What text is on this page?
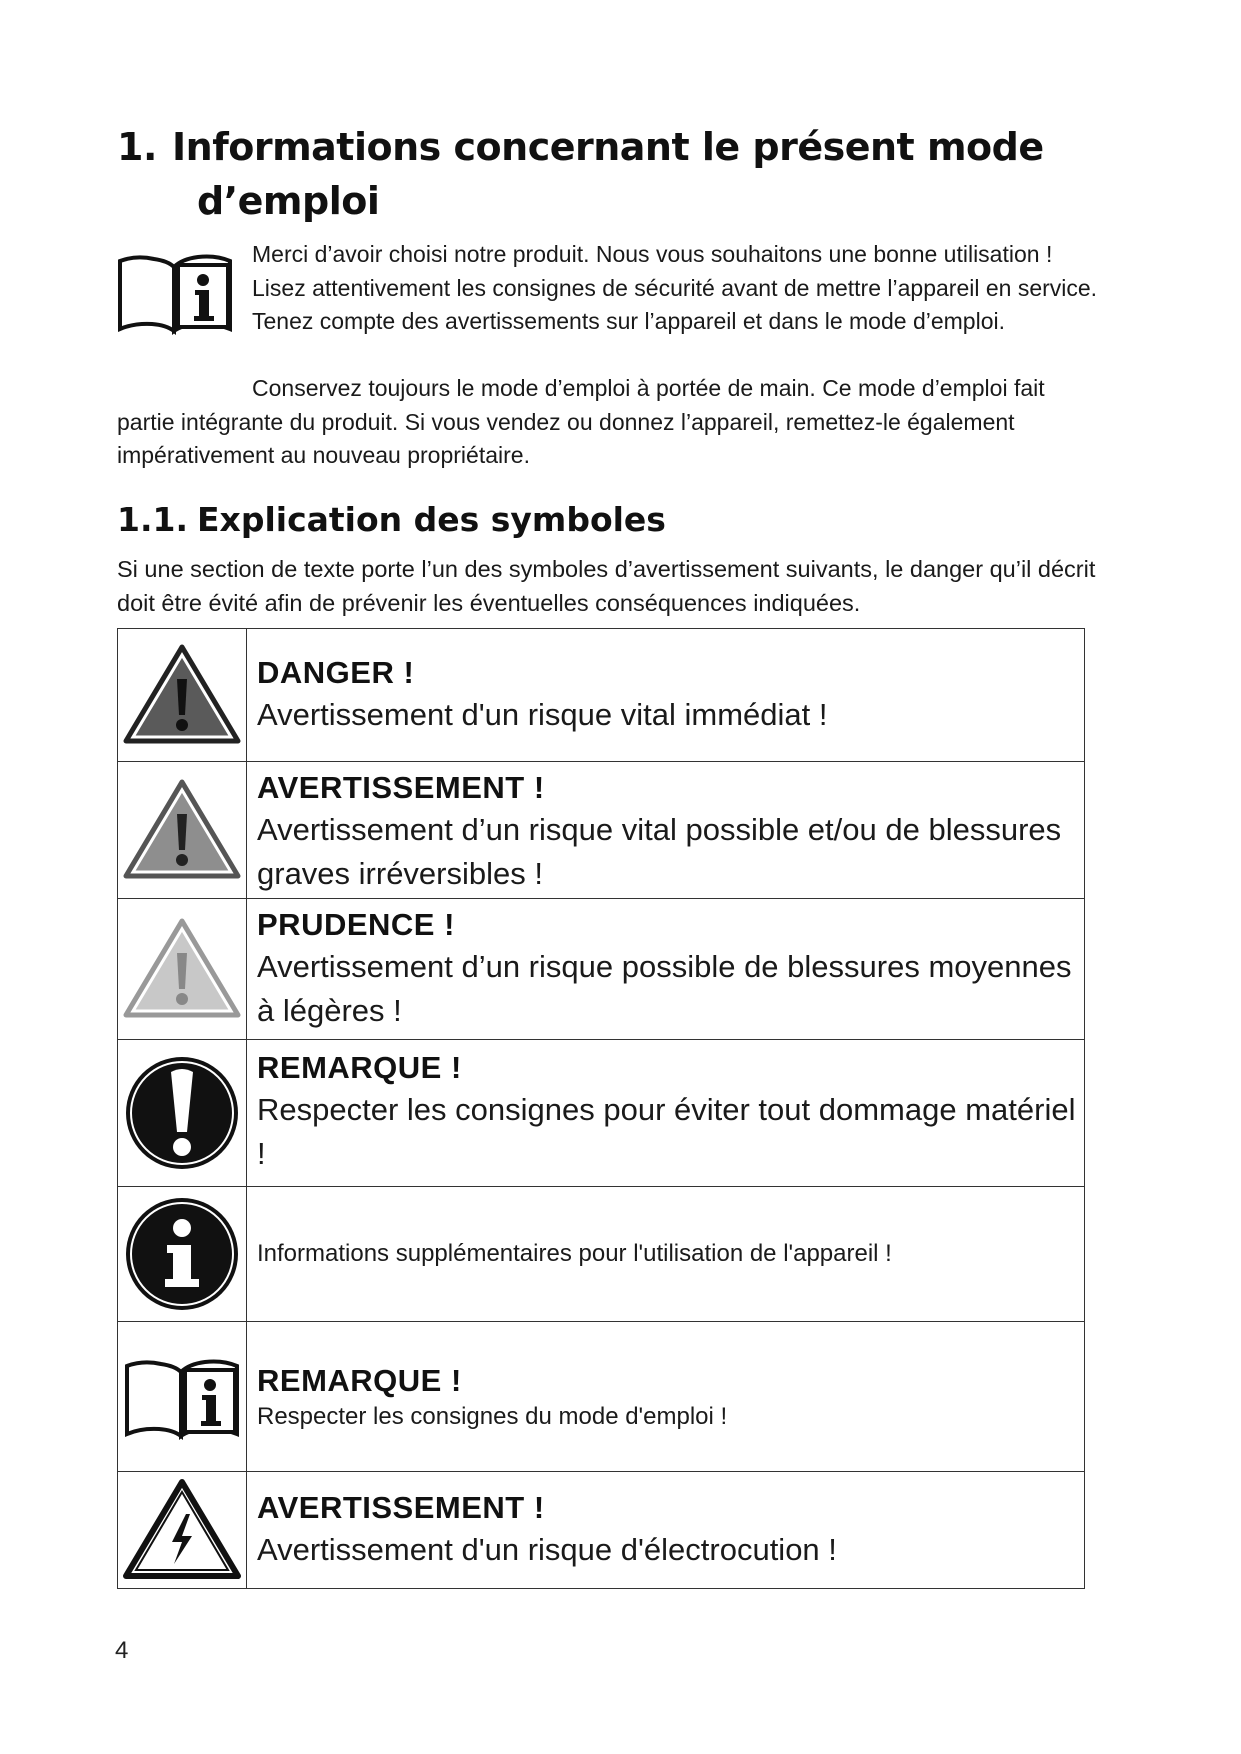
1. Informations concernant le présent mode
d’emploi

Merci d’avoir choisi notre produit. Nous vous souhaitons une bonne utilisation ! Lisez attentivement les consignes de sécurité avant de mettre l’appareil en service. Tenez compte des avertissements sur l’appareil et dans le mode d’emploi.

Conservez toujours le mode d’emploi à portée de main. Ce mode d’emploi fait partie intégrante du produit. Si vous vendez ou donnez l’appareil, remettez-le également impérativement au nouveau propriétaire.

1.1. Explication des symboles

Si une section de texte porte l’un des symboles d’avertissement suivants, le danger qu’il décrit doit être évité afin de prévenir les éventuelles conséquences indiquées.

DANGER !
Avertissement d'un risque vital immédiat !

AVERTISSEMENT !
Avertissement d’un risque vital possible et/ou de blessures graves irréversibles !

PRUDENCE !
Avertissement d’un risque possible de blessures moyennes à légères !

REMARQUE !
Respecter les consignes pour éviter tout dommage matériel !

Informations supplémentaires pour l'utilisation de l'appareil !

REMARQUE !
Respecter les consignes du mode d'emploi !

AVERTISSEMENT !
Avertissement d'un risque d'électrocution !
4
